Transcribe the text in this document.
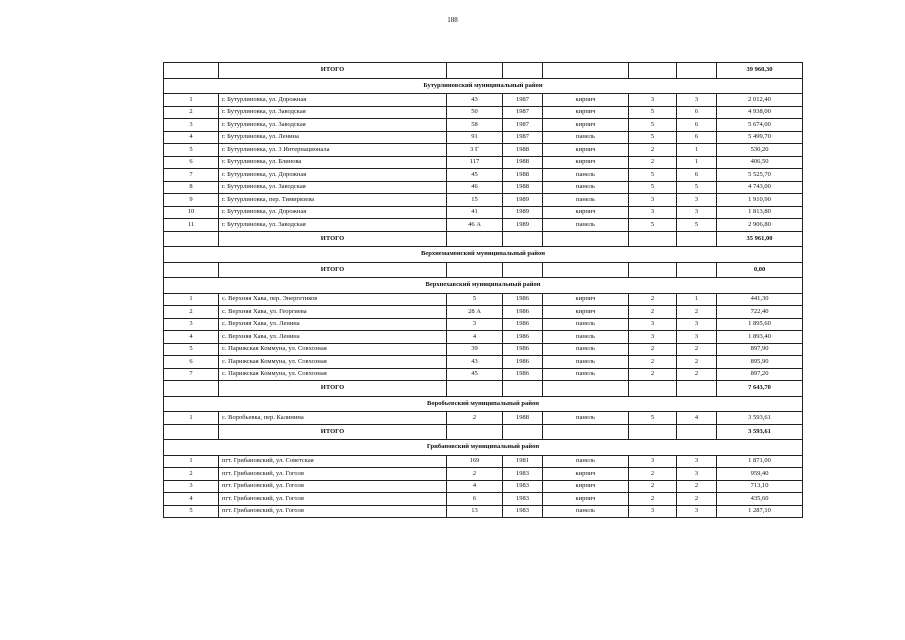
188
	ИТОГО						39 960,30
Бутурлиновский муниципальный район							
1	г. Бутурлиновка, ул. Дорожная	43	1987	кирпич	3	3	2 012,40
2	г. Бутурлиновка, ул. Заводская	50	1987	кирпич	5	6	4 938,00
3	г. Бутурлиновка, ул. Заводская	58	1987	кирпич	5	6	5 674,00
4	г. Бутурлиновка, ул. Ленина	91	1987	панель	5	6	5 499,70
5	г. Бутурлиновка, ул. 3 Интернационала	3 Г	1988	кирпич	2	1	530,20
6	г. Бутурлиновка, ул. Блинова	117	1988	кирпич	2	1	406,50
7	г. Бутурлиновка, ул. Дорожная	45	1988	панель	5	6	5 525,70
8	г. Бутурлиновка, ул. Заводская	46	1988	панель	5	5	4 743,00
9	г. Бутурлиновка, пер. Тимирязева	15	1989	панель	3	3	1 910,90
10	г. Бутурлиновка, ул. Дорожная	41	1989	кирпич	3	3	1 813,80
11	г. Бутурлиновка, ул. Заводская	46 А	1989	панель	5	5	2 906,80
	ИТОГО						35 961,00
Верхнемамонский муниципальный район							
	ИТОГО						0,00
Верхнехавский муниципальный район							
1	с. Верхняя Хава, пер. Энергетиков	5	1986	кирпич	2	1	441,30
2	с. Верхняя Хава, ул. Георгиева	28 А	1986	кирпич	2	2	722,40
3	с. Верхняя Хава, ул. Ленина	3	1986	панель	3	3	1 895,60
4	с. Верхняя Хава, ул. Ленина	4	1986	панель	3	3	1 893,40
5	с. Парижская Коммуна, ул. Совхозная	39	1986	панель	2	2	897,90
6	с. Парижская Коммуна, ул. Совхозная	43	1986	панель	2	2	895,90
7	с. Парижская Коммуна, ул. Совхозная	45	1986	панель	2	2	897,20
	ИТОГО						7 643,70
Воробьевский муниципальный район							
1	с. Воробьевка, пер. Калинина	2	1988	панель	5	4	3 593,61
	ИТОГО						3 593,61
Грибановский муниципальный район							
1	пгт. Грибановский, ул. Советская	169	1981	панель	3	3	1 871,00
2	пгт. Грибановский, ул. Гоголя	2	1983	кирпич	2	3	959,40
3	пгт. Грибановский, ул. Гоголя	4	1983	кирпич	2	2	713,10
4	пгт. Грибановский, ул. Гоголя	6	1983	кирпич	2	2	435,60
5	пгт. Грибановский, ул. Гоголя	13	1983	панель	3	3	1 287,10
